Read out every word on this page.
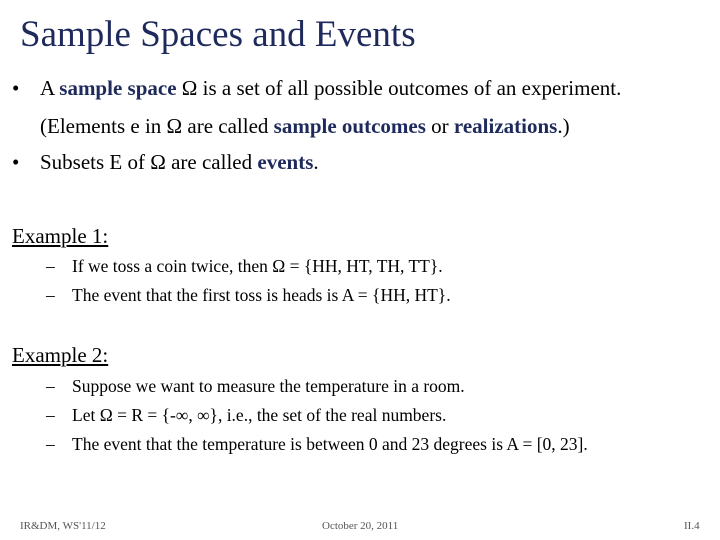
Sample Spaces and Events
• A sample space Ω is a set of all possible outcomes of an experiment.
(Elements e in Ω are called sample outcomes or realizations.)
• Subsets E of Ω are called events.
Example 1:
– If we toss a coin twice, then Ω = {HH, HT, TH, TT}.
– The event that the first toss is heads is A = {HH, HT}.
Example 2:
– Suppose we want to measure the temperature in a room.
– Let Ω = R = {-∞, ∞}, i.e., the set of the real numbers.
– The event that the temperature is between 0 and 23 degrees is A = [0, 23].
IR&DM, WS'11/12	October 20, 2011	II.4
